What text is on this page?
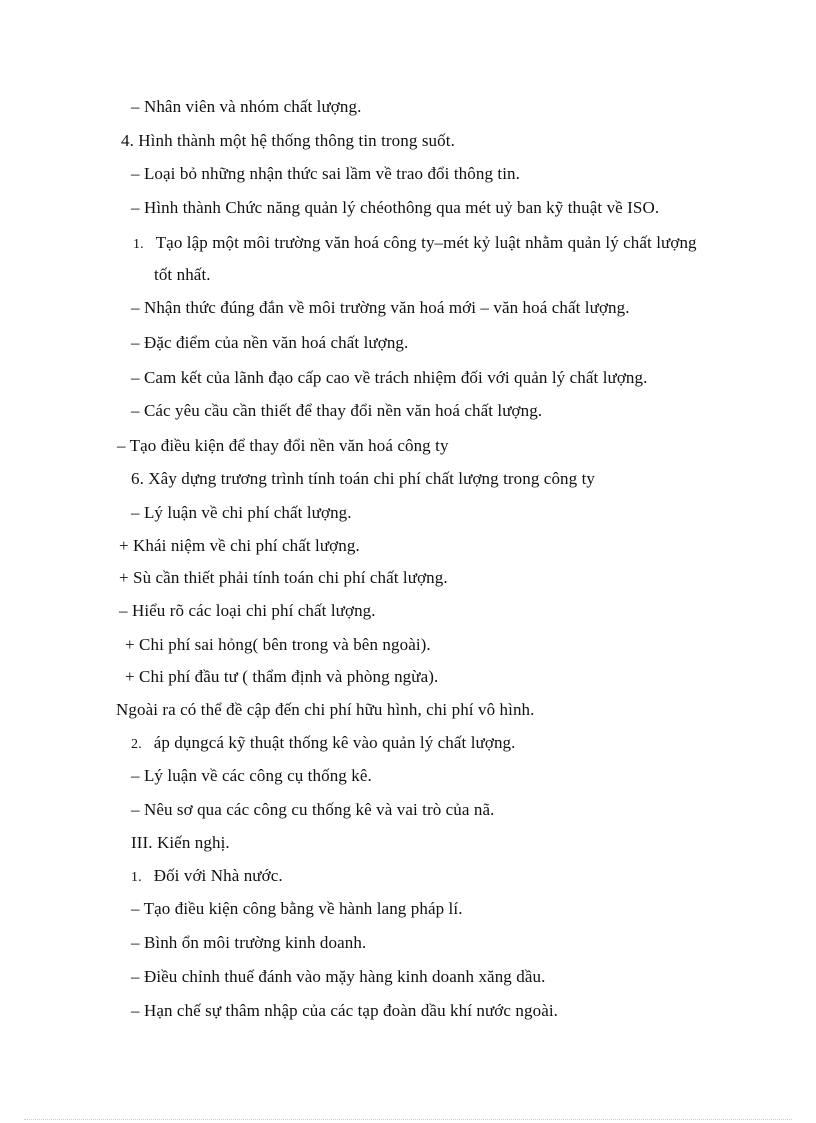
– Nhân viên và nhóm chất lượng.
4. Hình thành một hệ thống thông tin trong suốt.
– Loại bỏ những nhận thức sai lầm về trao đổi thông tin.
– Hình thành Chức năng quản lý chéothông qua mét uỷ ban kỹ thuật về ISO.
1. Tạo lập một môi trường văn hoá công ty–mét kỷ luật nhằm quản lý chất lượng
tốt nhất.
– Nhận thức đúng đắn về môi trường văn hoá mới – văn hoá chất lượng.
– Đặc điểm của nền văn hoá chất lượng.
– Cam kết của lãnh đạo cấp cao về trách nhiệm đối với quản lý chất lượng.
– Các yêu cầu cần thiết để thay đổi nền văn hoá chất lượng.
– Tạo điều kiện để thay đổi nền văn hoá công ty
6. Xây dựng trương trình tính toán chi phí chất lượng trong công ty
– Lý luận về chi phí chất lượng.
+ Khái niệm về chi phí chất lượng.
+ Sù cần thiết phải tính toán chi phí chất lượng.
– Hiểu rõ các loại chi phí chất lượng.
+ Chi phí sai hỏng( bên trong và bên ngoài).
+ Chi phí đầu tư ( thẩm định và phòng ngừa).
Ngoài ra có thể đề cập đến chi phí hữu hình, chi phí vô hình.
2. áp dụngcá kỹ thuật thống kê vào quản lý chất lượng.
– Lý luận về các công cụ thống kê.
– Nêu sơ qua các công cu thống kê và vai trò của nã.
III. Kiến nghị.
1. Đối với Nhà nước.
– Tạo điều kiện công bằng về hành lang pháp lí.
– Bình ổn môi trường kinh doanh.
– Điều chỉnh thuế đánh vào mặy hàng kinh doanh xăng dầu.
– Hạn chế sự thâm nhập của các tạp đoàn dầu khí nước ngoài.
